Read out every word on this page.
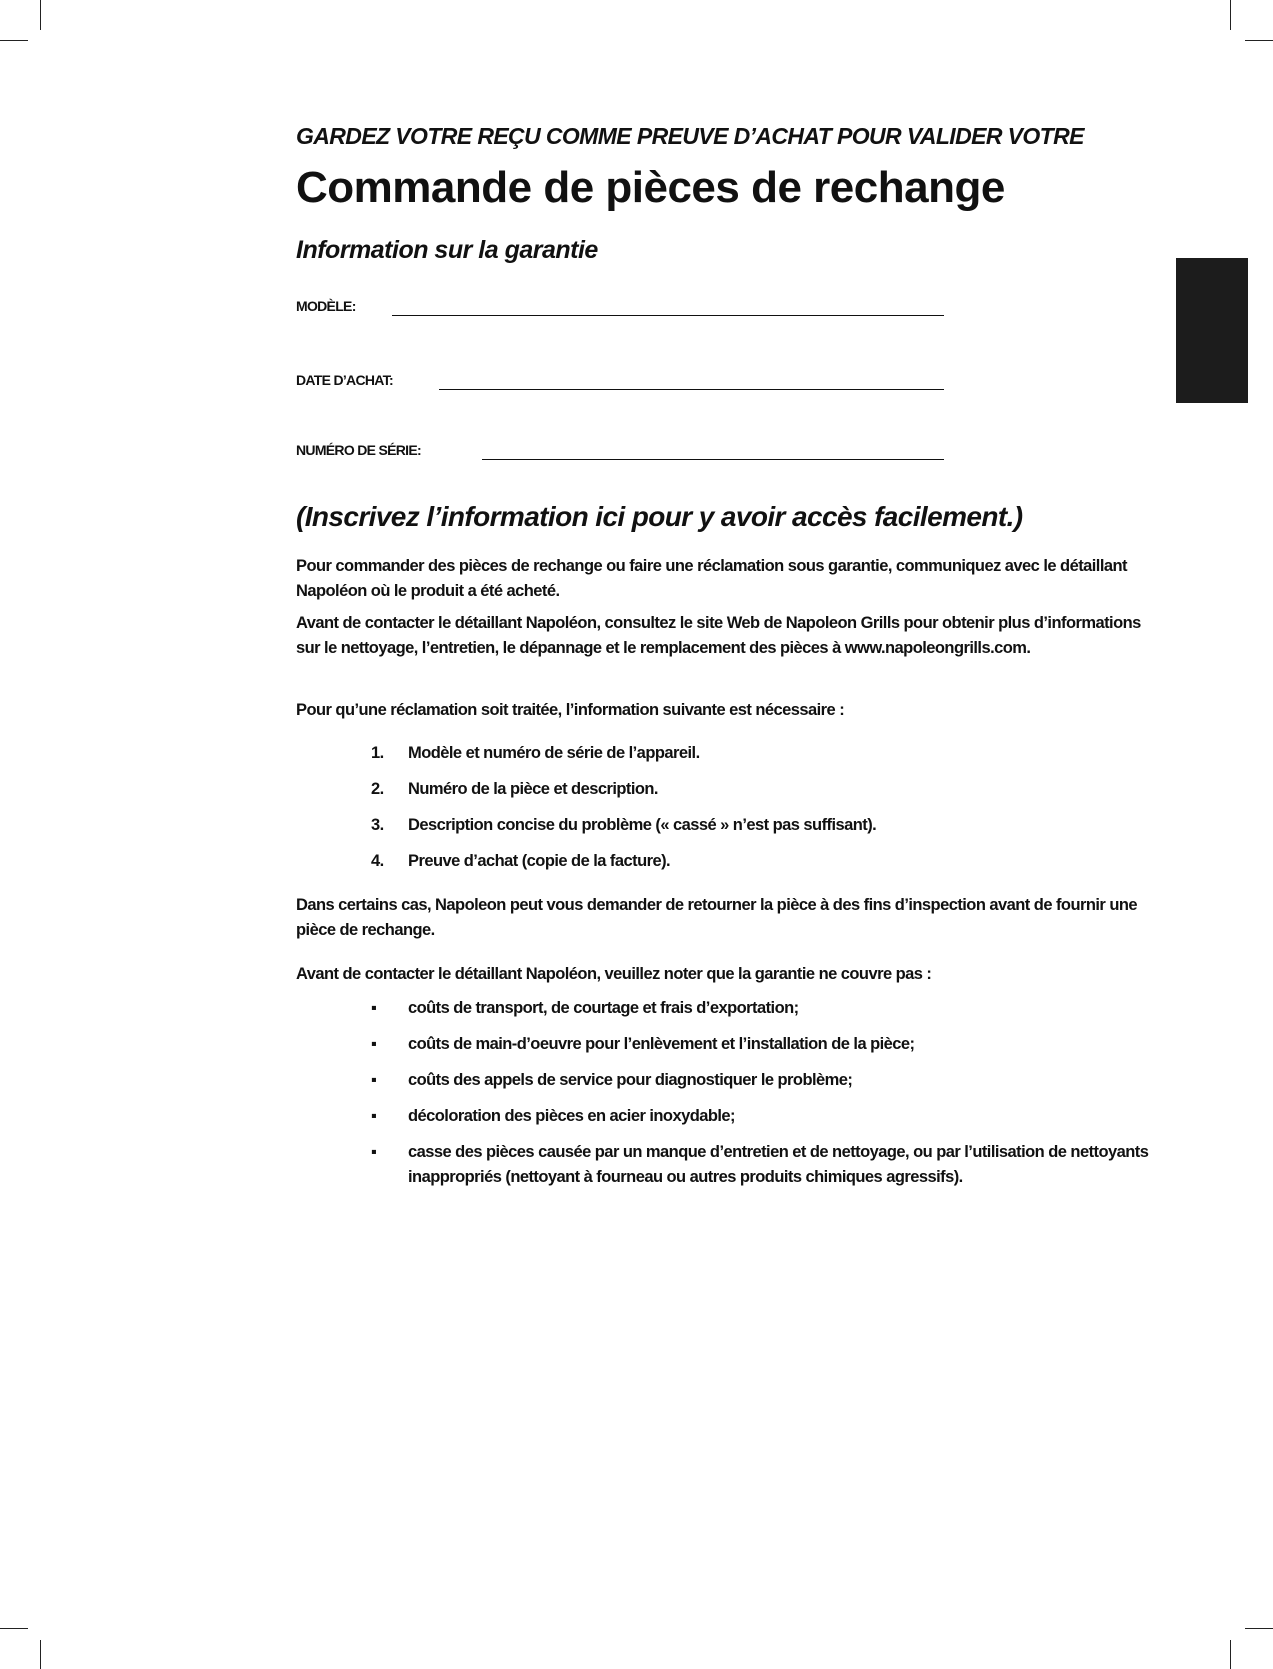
GARDEZ VOTRE REÇU COMME PREUVE D’ACHAT POUR VALIDER VOTRE
Commande de pièces de rechange
Information sur la garantie
MODÈLE:
DATE D’ACHAT:
NUMÉRO DE SÉRIE:
(Inscrivez l’information ici pour y avoir accès facilement.)
Pour commander des pièces de rechange ou faire une réclamation sous garantie, communiquez avec le détaillant Napoléon où le produit a été acheté.
Avant de contacter le détaillant Napoléon, consultez le site Web de Napoleon Grills pour obtenir plus d’informations sur le nettoyage, l’entretien, le dépannage et le remplacement des pièces à www.napoleongrills.com.
Pour qu’une réclamation soit traitée, l’information suivante est nécessaire :
1. Modèle et numéro de série de l’appareil.
2. Numéro de la pièce et description.
3. Description concise du problème (« cassé » n’est pas suffisant).
4. Preuve d’achat (copie de la facture).
Dans certains cas, Napoleon peut vous demander de retourner la pièce à des fins d’inspection avant de fournir une pièce de rechange.
Avant de contacter le détaillant Napoléon, veuillez noter que la garantie ne couvre pas :
▪ coûts de transport, de courtage et frais d’exportation;
▪ coûts de main-d’oeuvre pour l’enlèvement et l’installation de la pièce;
▪ coûts des appels de service pour diagnostiquer le problème;
▪ décoloration des pièces en acier inoxydable;
▪ casse des pièces causée par un manque d’entretien et de nettoyage, ou par l’utilisation de nettoyants inappropriés (nettoyant à fourneau ou autres produits chimiques agressifs).
